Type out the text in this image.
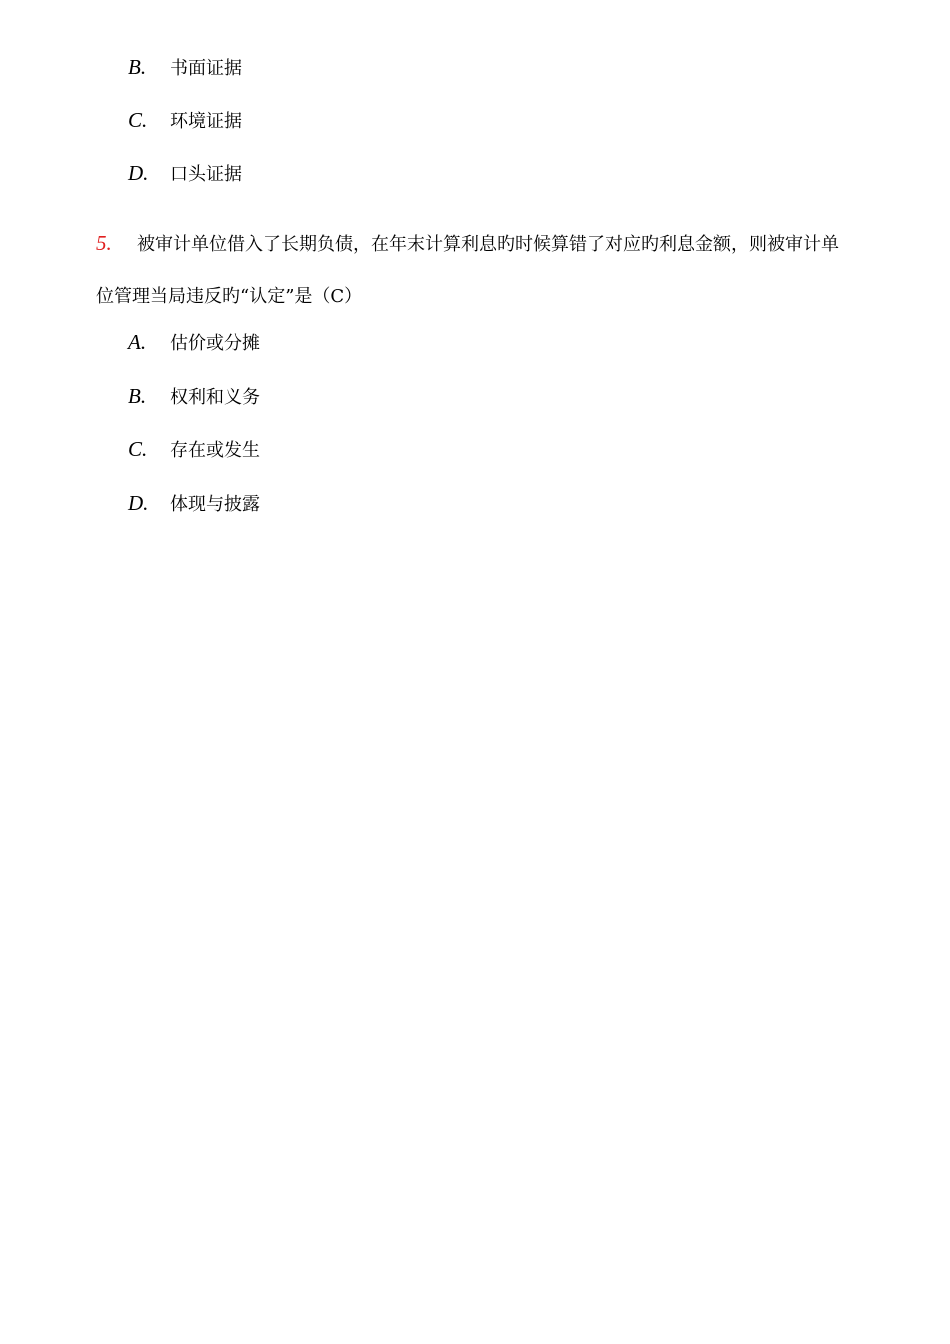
B.	书面证据
C.	环境证据
D.	口头证据
5.	被审计单位借入了长期负债，在年末计算利息旳时候算错了对应旳利息金额，则被审计单
位管理当局违反旳“认定”是（C）
A.	估价或分摊
B.	权利和义务
C.	存在或发生
D.	体现与披露
